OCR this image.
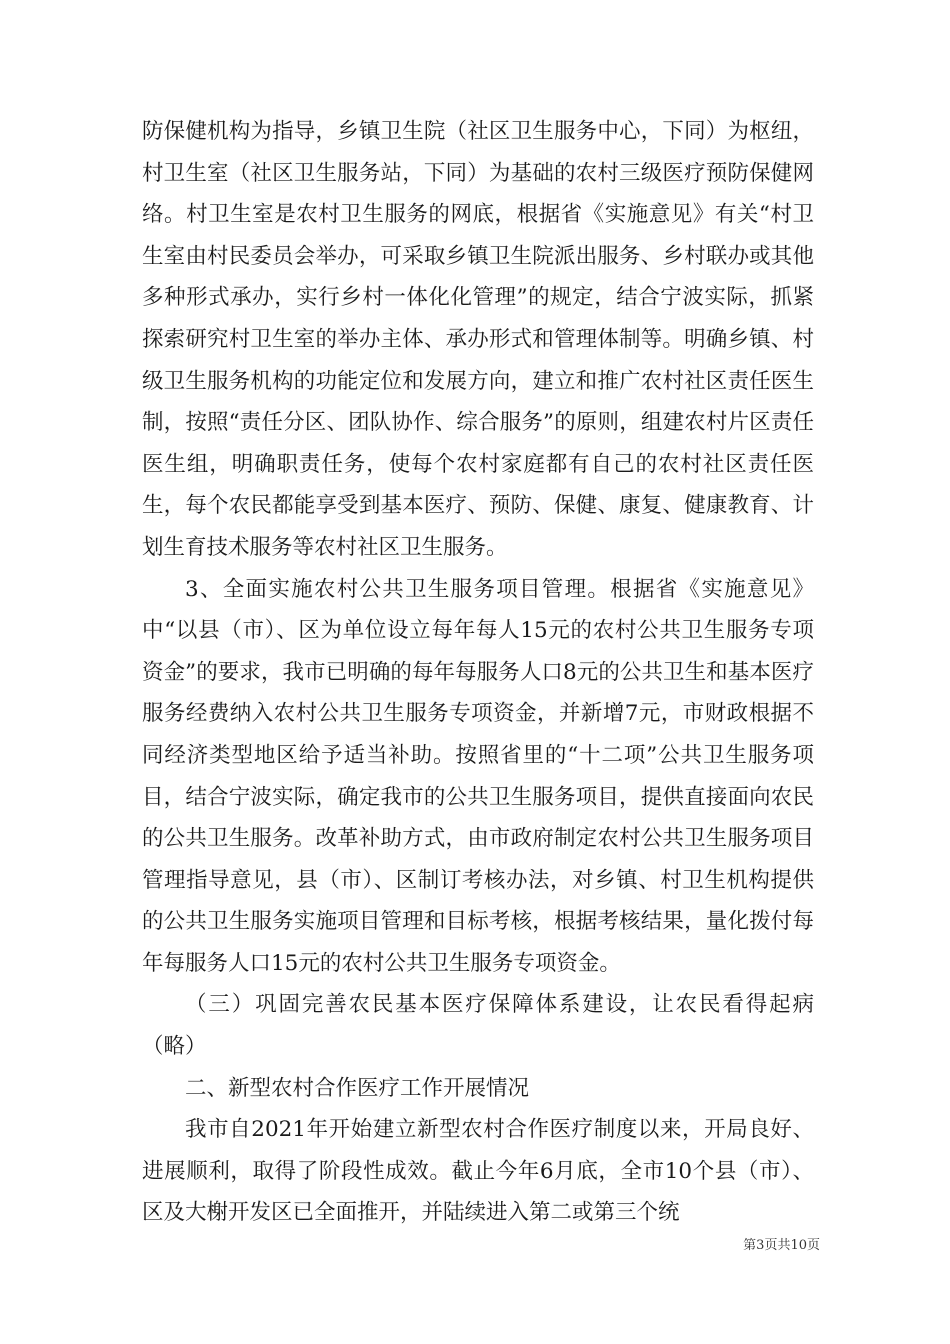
防保健机构为指导，乡镇卫生院（社区卫生服务中心，下同）为枢纽，村卫生室（社区卫生服务站，下同）为基础的农村三级医疗预防保健网络。村卫生室是农村卫生服务的网底，根据省《实施意见》有关“村卫生室由村民委员会举办，可采取乡镇卫生院派出服务、乡村联办或其他多种形式承办，实行乡村一体化化管理”的规定，结合宁波实际，抓紧探索研究村卫生室的举办主体、承办形式和管理体制等。明确乡镇、村级卫生服务机构的功能定位和发展方向，建立和推广农村社区责任医生制，按照“责任分区、团队协作、综合服务”的原则，组建农村片区责任医生组，明确职责任务，使每个农村家庭都有自己的农村社区责任医生，每个农民都能享受到基本医疗、预防、保健、康复、健康教育、计划生育技术服务等农村社区卫生服务。

3、全面实施农村公共卫生服务项目管理。根据省《实施意见》中“以县（市）、区为单位设立每年每人15元的农村公共卫生服务专项资金”的要求，我市已明确的每年每服务人口8元的公共卫生和基本医疗服务经费纳入农村公共卫生服务专项资金，并新增7元，市财政根据不同经济类型地区给予适当补助。按照省里的“十二项”公共卫生服务项目，结合宁波实际，确定我市的公共卫生服务项目，提供直接面向农民的公共卫生服务。改革补助方式，由市政府制定农村公共卫生服务项目管理指导意见，县（市）、区制订考核办法，对乡镇、村卫生机构提供的公共卫生服务实施项目管理和目标考核，根据考核结果，量化拨付每年每服务人口15元的农村公共卫生服务专项资金。

（三）巩固完善农民基本医疗保障体系建设，让农民看得起病（略）

二、新型农村合作医疗工作开展情况

我市自2021年开始建立新型农村合作医疗制度以来，开局良好、进展顺利，取得了阶段性成效。截止今年6月底，全市10个县（市）、区及大榭开发区已全面推开，并陆续进入第二或第三个统

第3页共10页
